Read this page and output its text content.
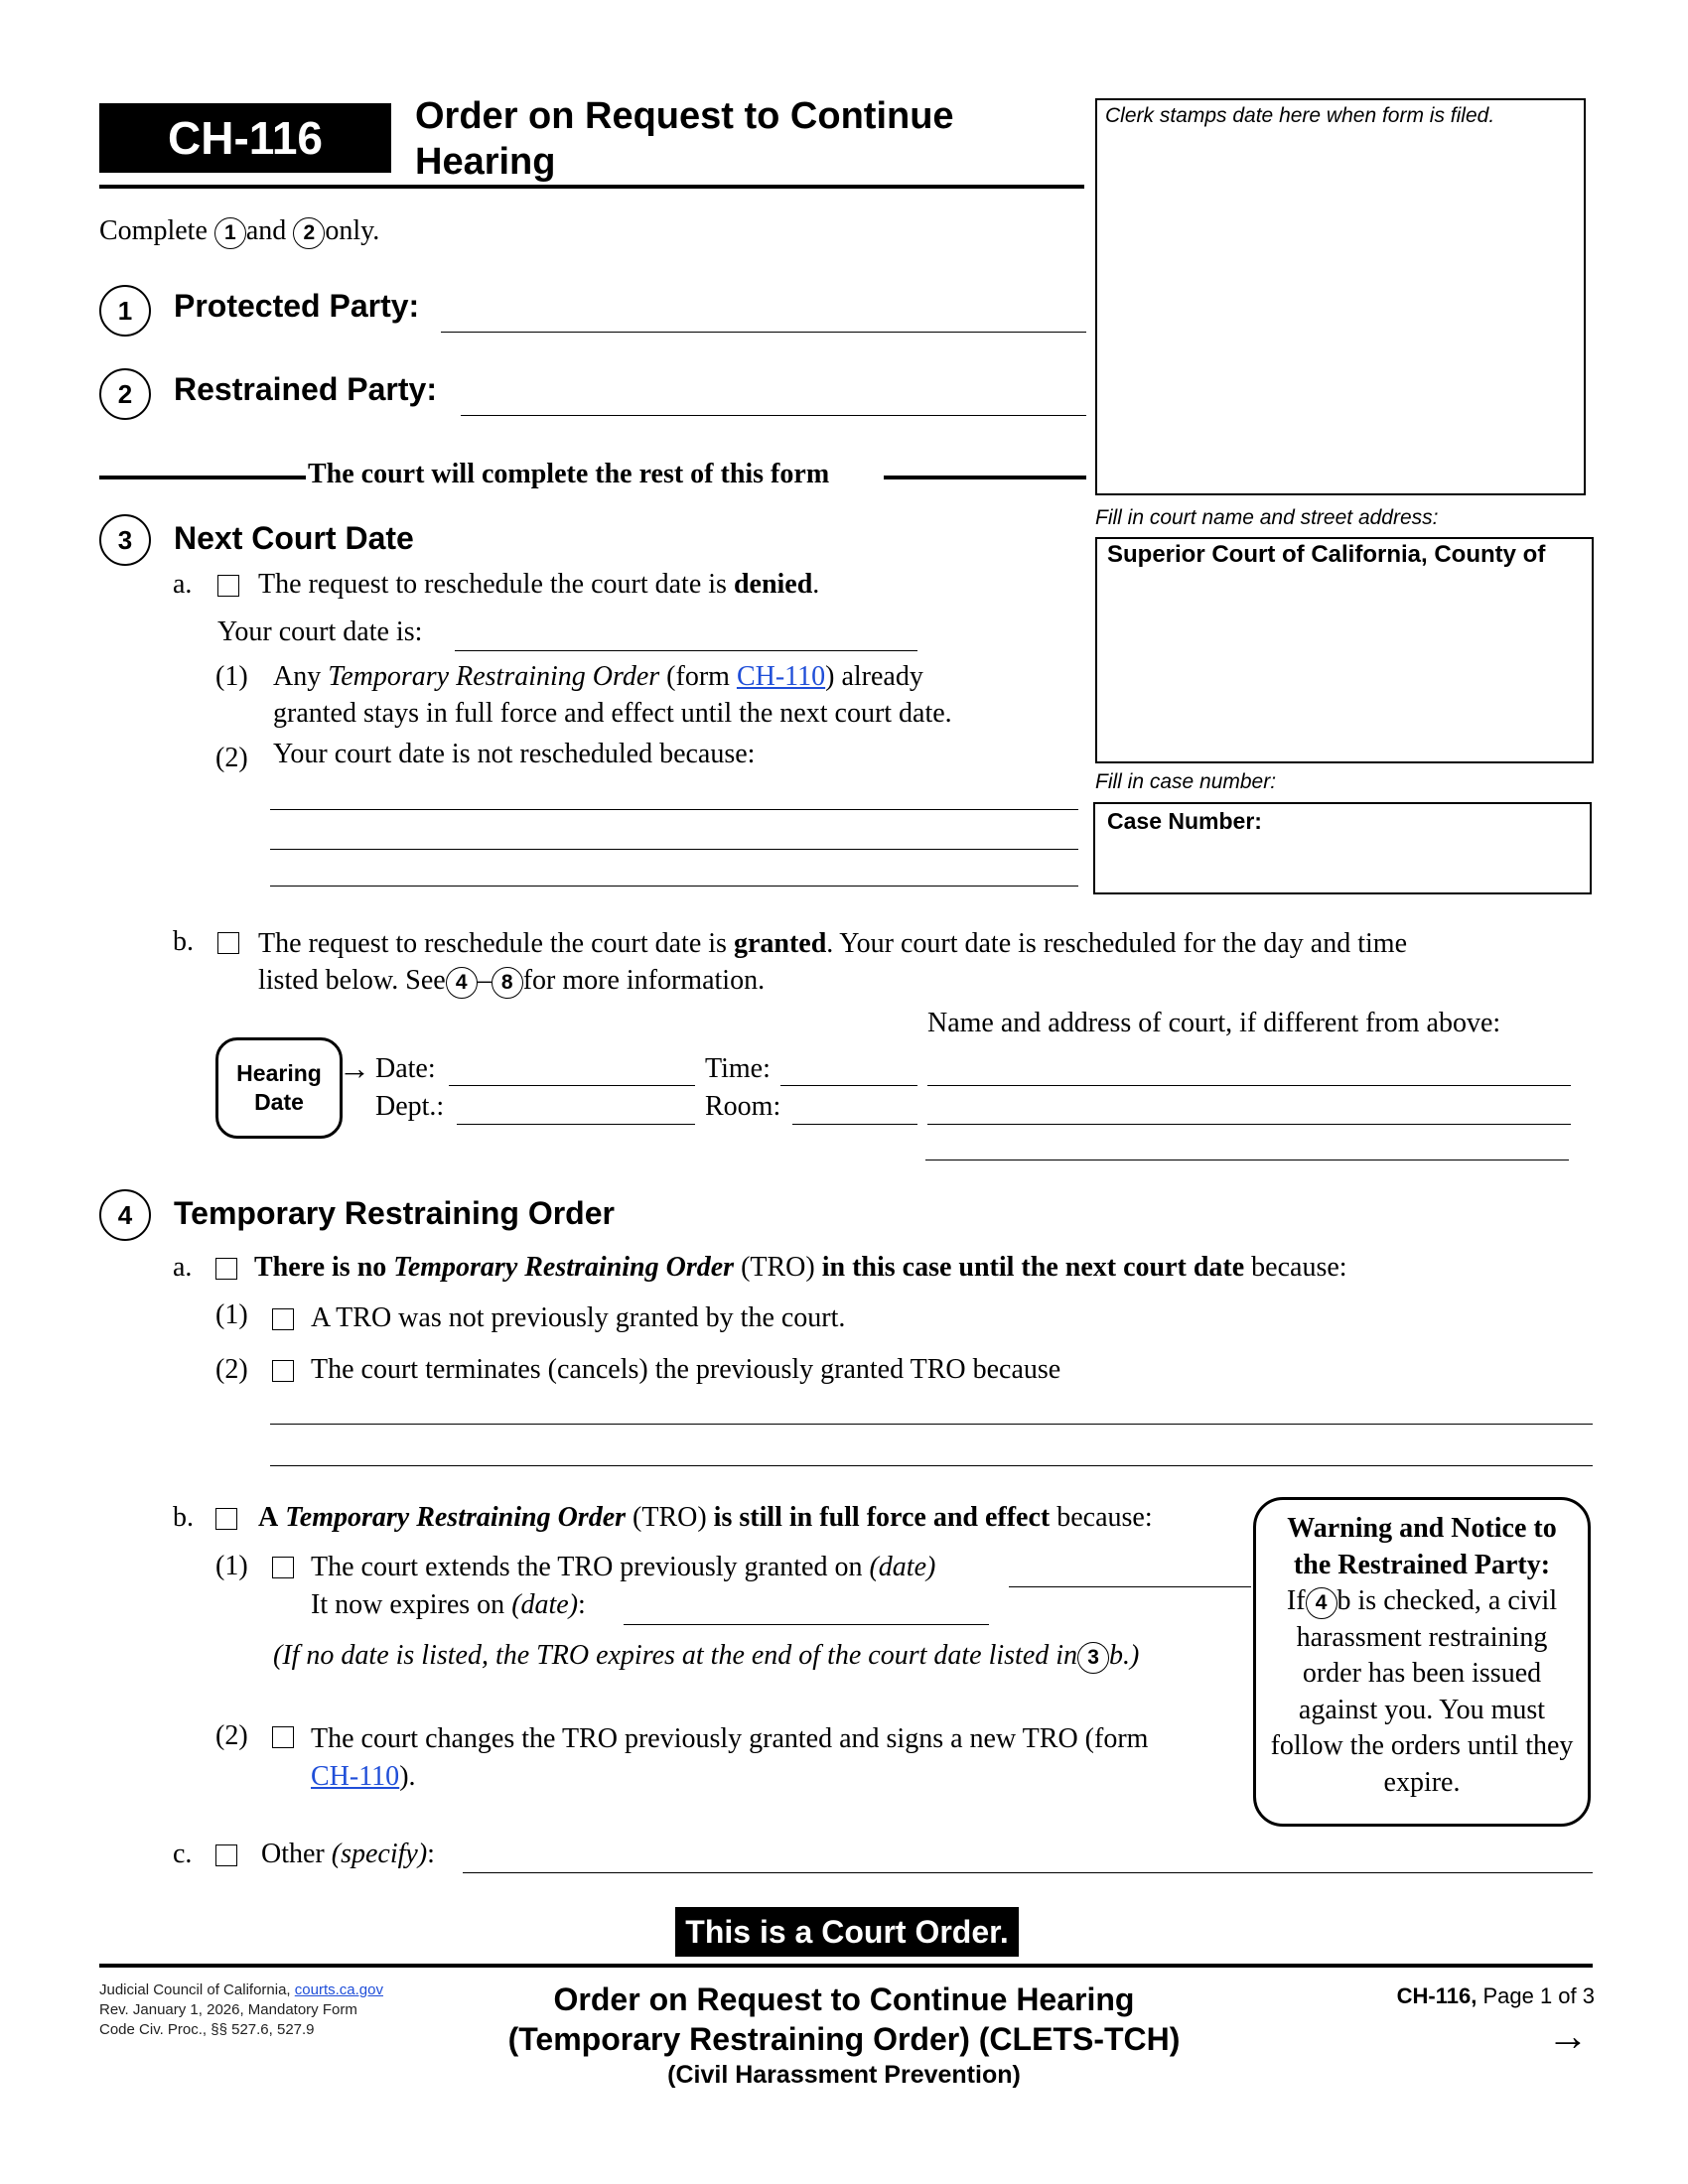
CH-116 Order on Request to Continue
Hearing
Clerk stamps date here when form is filed.
Fill in court name and street address:
Superior Court of California, County of
Fill in case number:
Case Number:
Complete 1 and 2 only.
1	Protected Party:
2	Restrained Party:
The court will complete the rest of this form
3	Next Court Date
a. The request to reschedule the court date is denied.
Your court date is:
(1) Any Temporary Restraining Order (form CH-110) already
granted stays in full force and effect until the next court date.
(2) Your court date is not rescheduled because:
b. The request to reschedule the court date is granted. Your court date is rescheduled for the day and time
listed below. See 4 – 8 for more information.
Name and address of court, if different from above:
Hearing
Date
→ Date:	Time:
Dept.:	Room:
4	Temporary Restraining Order
a. There is no Temporary Restraining Order (TRO) in this case until the next court date because:
(1) A TRO was not previously granted by the court.
(2) The court terminates (cancels) the previously granted TRO because
b. A Temporary Restraining Order (TRO) is still in full force and effect because:
(1) The court extends the TRO previously granted on (date)
It now expires on (date):
(If no date is listed, the TRO expires at the end of the court date listed in 3 b.)
(2) The court changes the TRO previously granted and signs a new TRO (form
CH-110).
c. Other (specify):
Warning and Notice to
the Restrained Party:
If 4 b is checked, a civil
harassment restraining
order has been issued
against you. You must
follow the orders until they
expire.
This is a Court Order.
Judicial Council of California, courts.ca.gov
Rev. January 1, 2026, Mandatory Form
Code Civ. Proc., §§ 527.6, 527.9
Order on Request to Continue Hearing
(Temporary Restraining Order) (CLETS-TCH)
(Civil Harassment Prevention)
CH-116, Page 1 of 3
→
